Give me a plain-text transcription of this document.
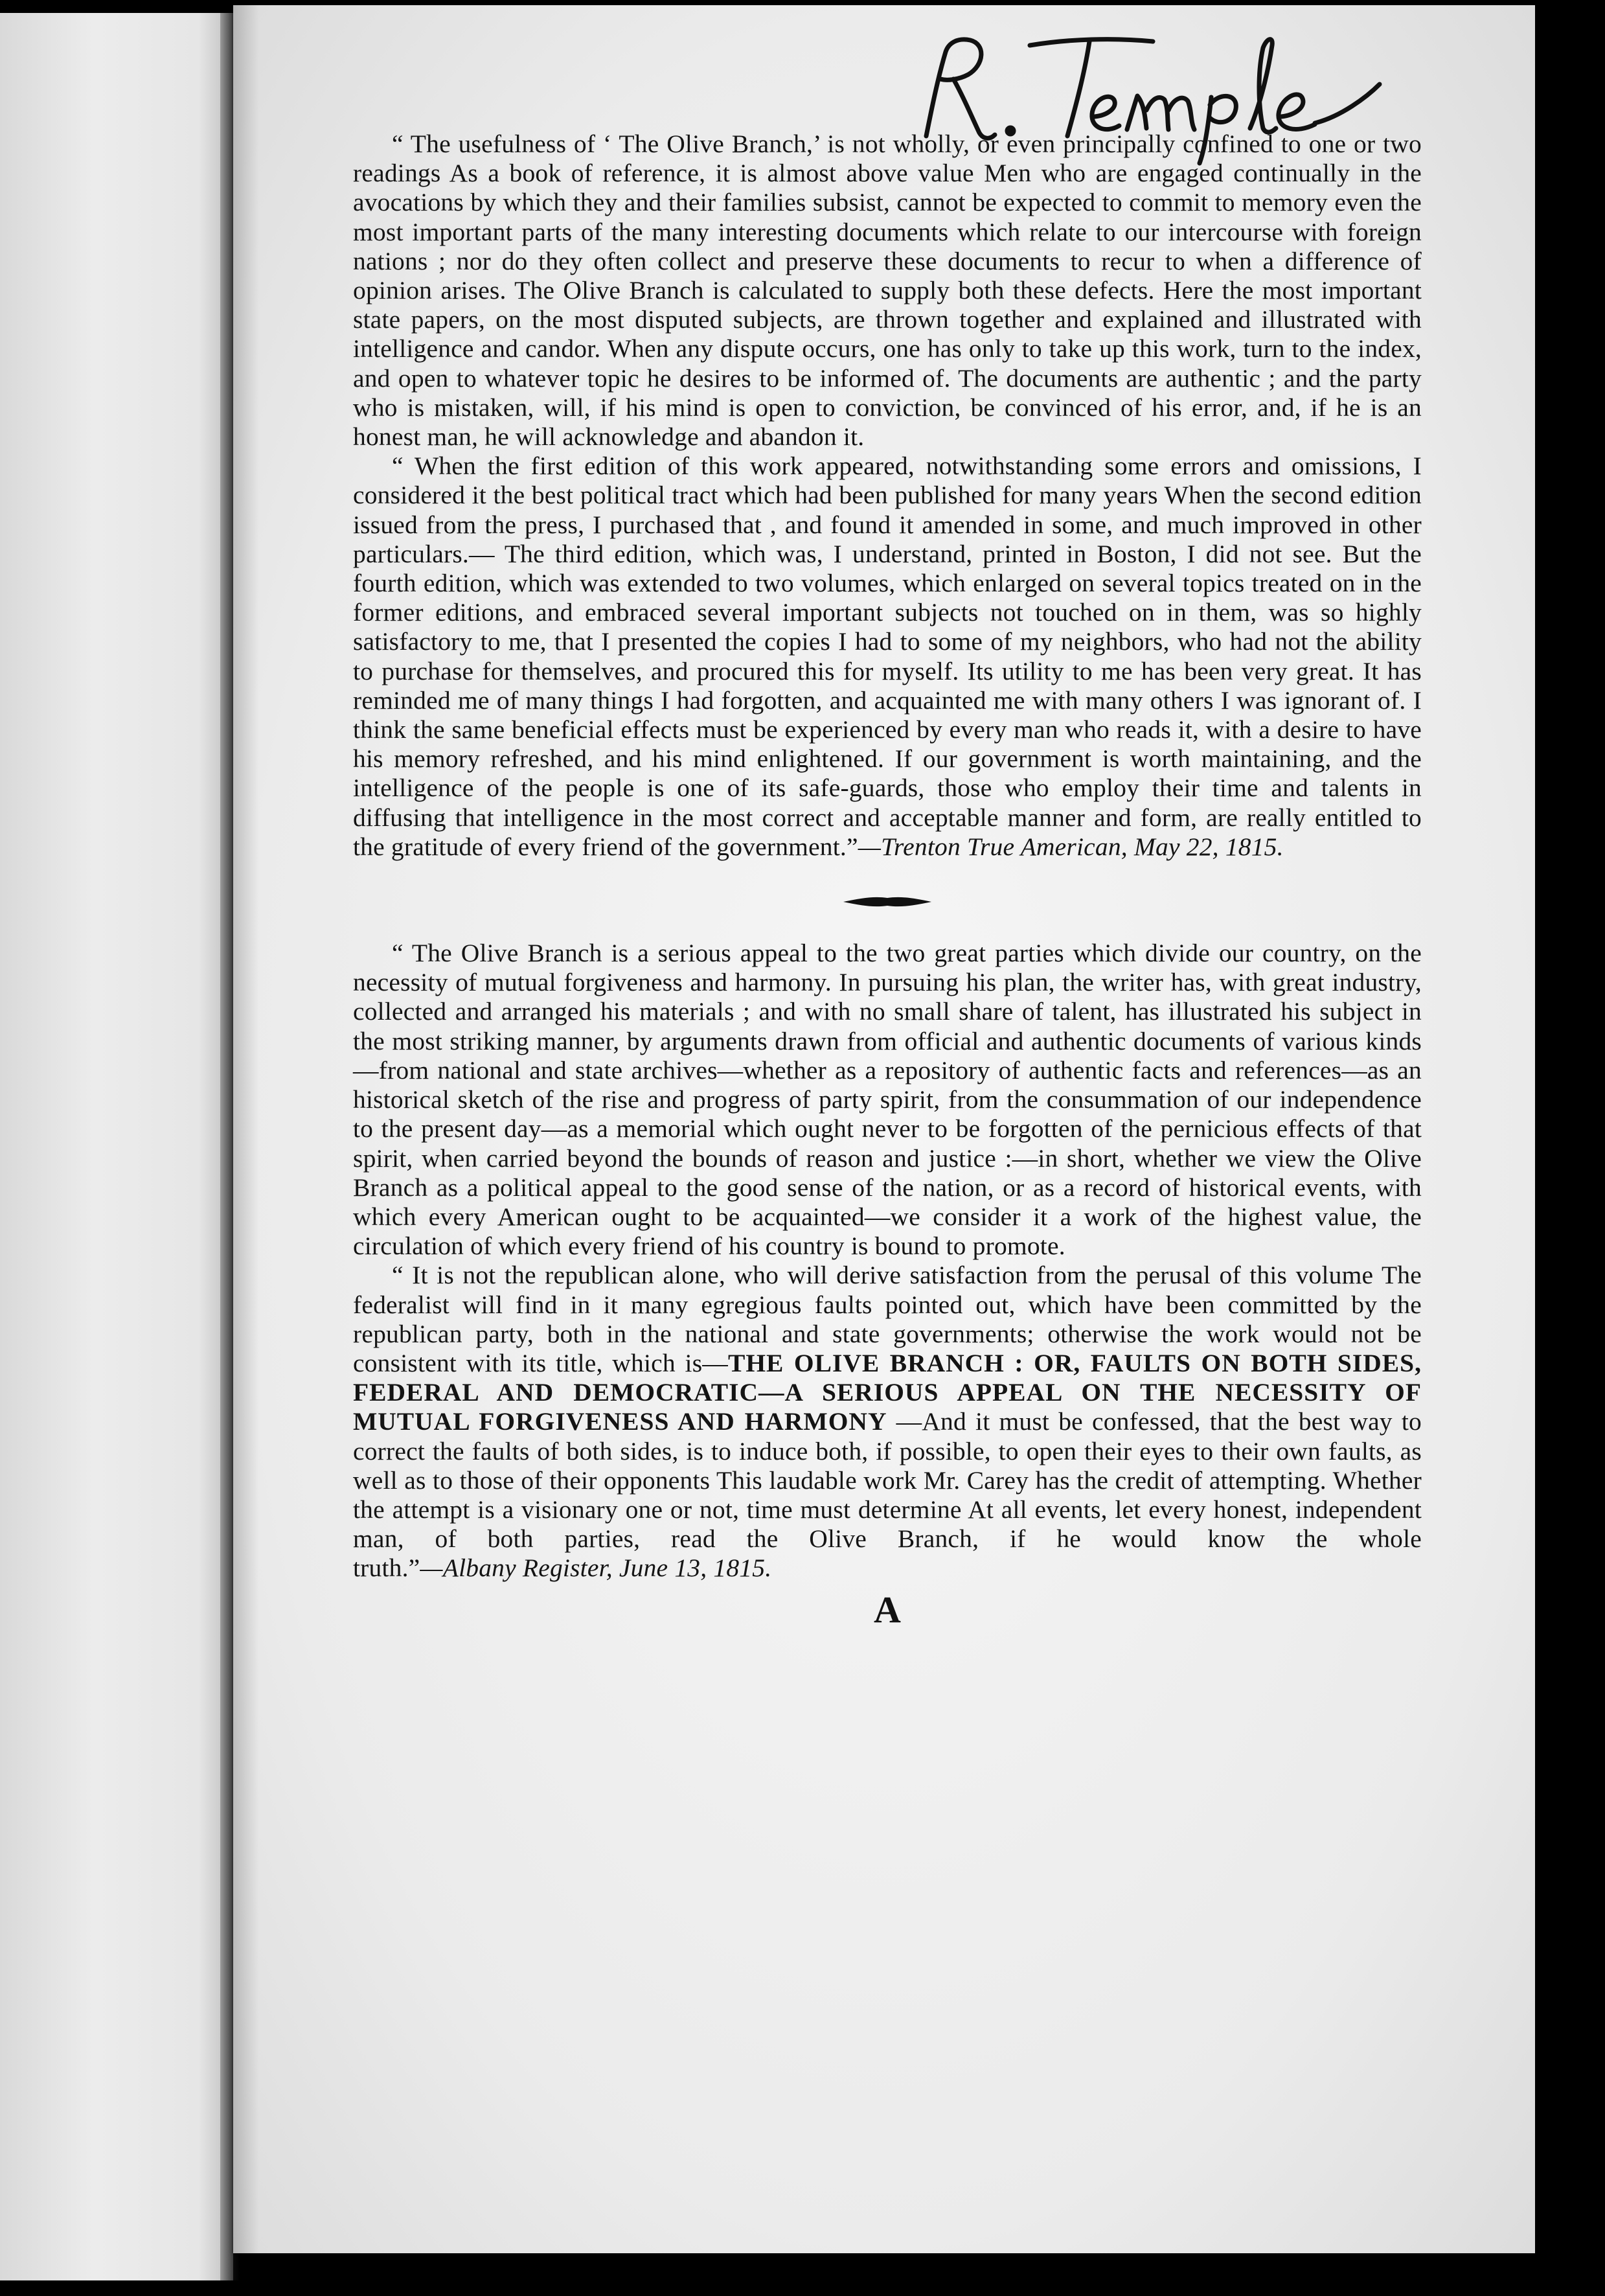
“ The usefulness of ‘ The Olive Branch,’ is not wholly, or even principally confined to one or two readings As a book of reference, it is almost above value Men who are engaged continually in the avocations by which they and their families subsist, cannot be expected to commit to memory even the most important parts of the many interesting documents which relate to our intercourse with foreign nations ; nor do they often collect and preserve these documents to recur to when a difference of opinion arises. The Olive Branch is calculated to supply both these defects. Here the most important state papers, on the most disputed subjects, are thrown together and explained and illustrated with intelligence and candor. When any dispute occurs, one has only to take up this work, turn to the index, and open to whatever topic he desires to be informed of. The documents are authentic ; and the party who is mistaken, will, if his mind is open to conviction, be convinced of his error, and, if he is an honest man, he will acknowledge and abandon it.

“ When the first edition of this work appeared, notwithstanding some errors and omissions, I considered it the best political tract which had been published for many years When the second edition issued from the press, I purchased that , and found it amended in some, and much improved in other particulars.— The third edition, which was, I understand, printed in Boston, I did not see. But the fourth edition, which was extended to two volumes, which enlarged on several topics treated on in the former editions, and embraced several important subjects not touched on in them, was so highly satisfactory to me, that I presented the copies I had to some of my neighbors, who had not the ability to purchase for themselves, and procured this for myself. Its utility to me has been very great. It has reminded me of many things I had forgotten, and acquainted me with many others I was ignorant of. I think the same beneficial effects must be experienced by every man who reads it, with a desire to have his memory refreshed, and his mind enlightened. If our government is worth maintaining, and the intelligence of the people is one of its safe-guards, those who employ their time and talents in diffusing that intelligence in the most correct and acceptable manner and form, are really entitled to the gratitude of every friend of the government.”—Trenton True American, May 22, 1815.

“ The Olive Branch is a serious appeal to the two great parties which divide our country, on the necessity of mutual forgiveness and harmony. In pursuing his plan, the writer has, with great industry, collected and arranged his materials ; and with no small share of talent, has illustrated his subject in the most striking manner, by arguments drawn from official and authentic documents of various kinds—from national and state archives—whether as a repository of authentic facts and references—as an historical sketch of the rise and progress of party spirit, from the consummation of our independence to the present day—as a memorial which ought never to be forgotten of the pernicious effects of that spirit, when carried beyond the bounds of reason and justice :—in short, whether we view the Olive Branch as a political appeal to the good sense of the nation, or as a record of historical events, with which every American ought to be acquainted—we consider it a work of the highest value, the circulation of which every friend of his country is bound to promote.

“ It is not the republican alone, who will derive satisfaction from the perusal of this volume The federalist will find in it many egregious faults pointed out, which have been committed by the republican party, both in the national and state governments; otherwise the work would not be consistent with its title, which is—THE OLIVE BRANCH : OR, FAULTS ON BOTH SIDES, FEDERAL AND DEMOCRATIC—A SERIOUS APPEAL ON THE NECESSITY OF MUTUAL FORGIVENESS AND HARMONY —And it must be confessed, that the best way to correct the faults of both sides, is to induce both, if possible, to open their eyes to their own faults, as well as to those of their opponents This laudable work Mr. Carey has the credit of attempting. Whether the attempt is a visionary one or not, time must determine At all events, let every honest, independent man, of both parties, read the Olive Branch, if he would know the whole truth.”—Albany Register, June 13, 1815.

A
